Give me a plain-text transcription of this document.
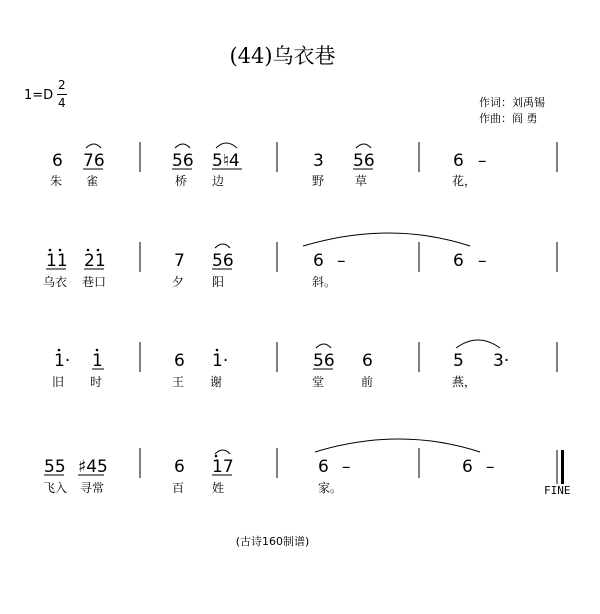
(44)乌衣巷
1=D
2
4	作词：刘禹锡
作曲：阎 勇
6 76	56 5♮4	3 56	6 –
朱 雀	桥 边	野	草	花，
11 21	7 56	6 –	6 –
乌衣 巷口	夕 阳	斜。
1· 1	6 1·	56 6	5 3·
旧 时	王 谢	堂	前	燕，
55 ♯45	6 17	6 –	6 –
飞入 寻常	百 姓	家。	FINE
(古诗160制谱)
